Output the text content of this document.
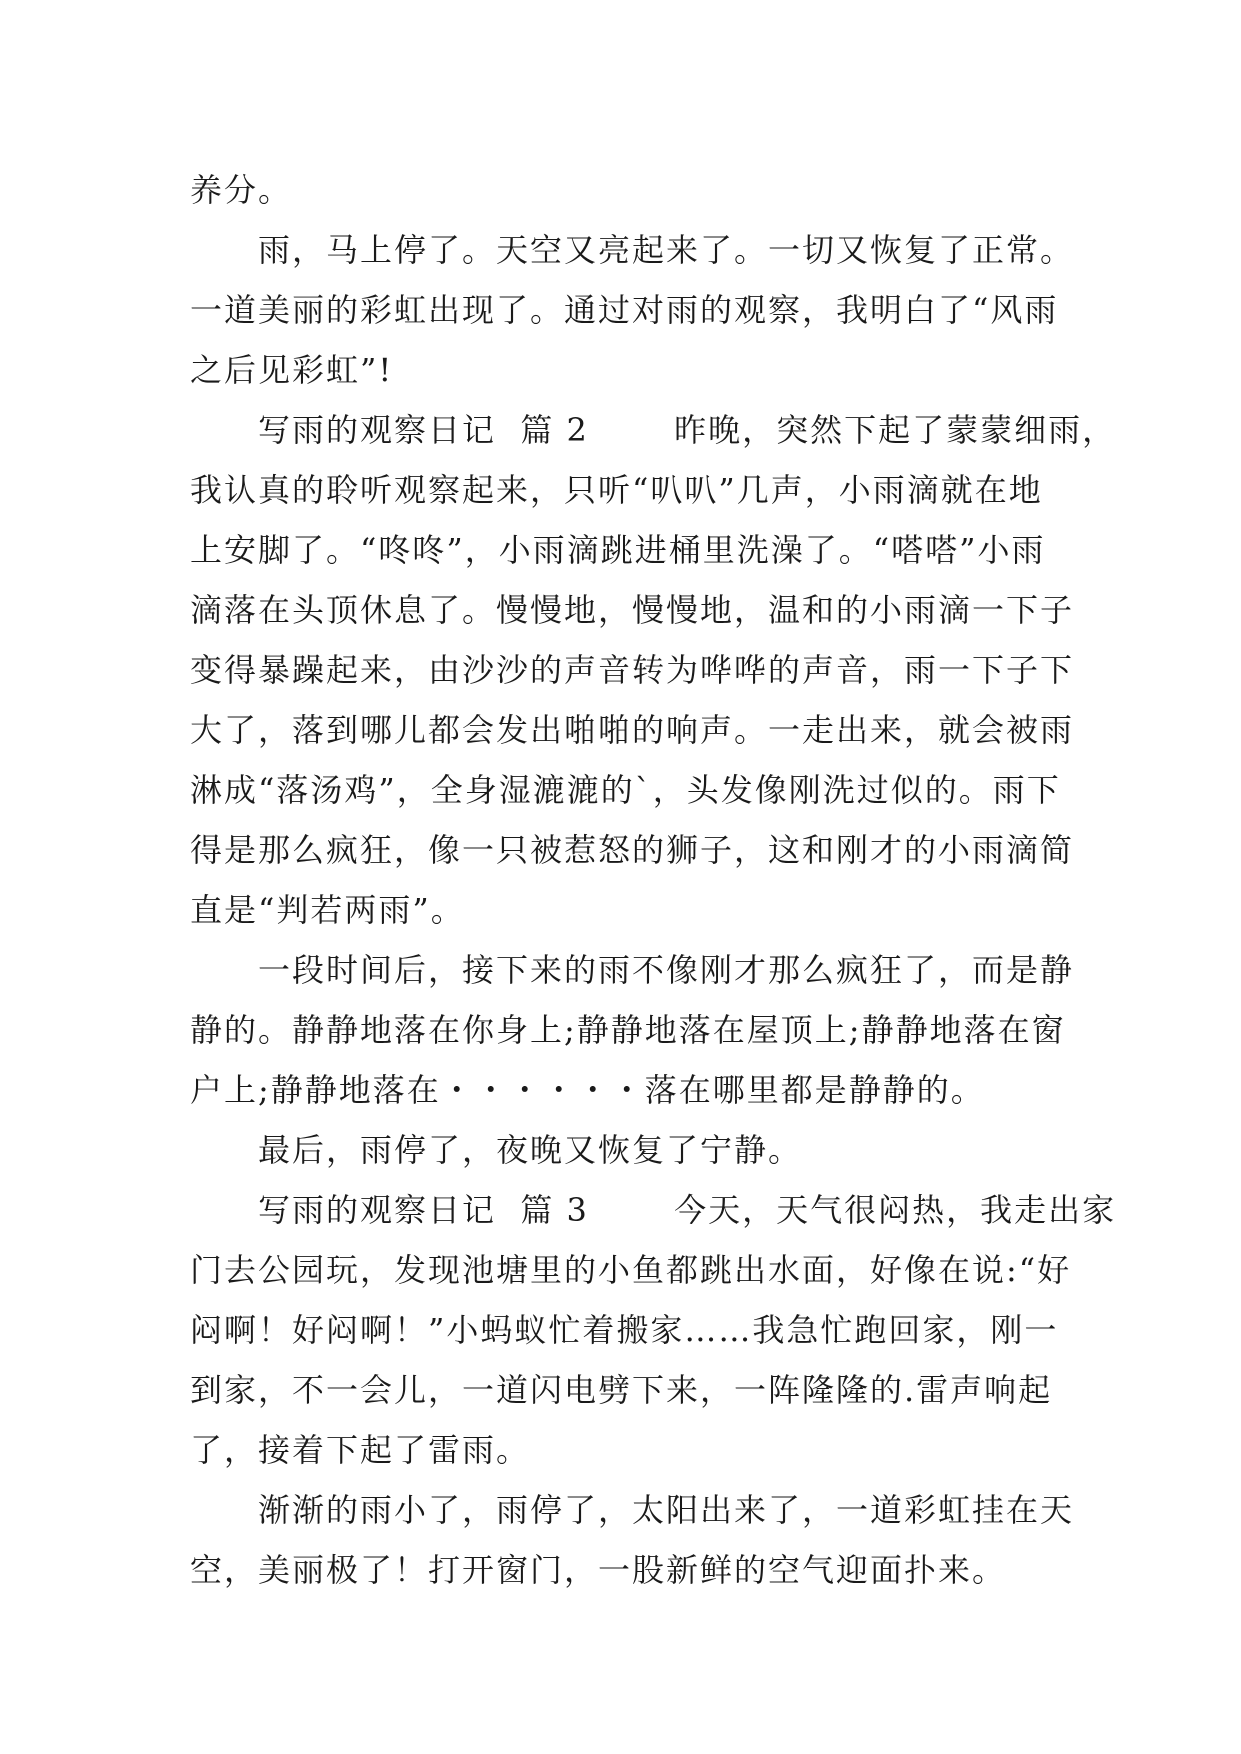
养分。
雨，马上停了。天空又亮起来了。一切又恢复了正常。
一道美丽的彩虹出现了。通过对雨的观察，我明白了“风雨
之后见彩虹”!
写雨的观察日记  篇 2       昨晚，突然下起了蒙蒙细雨，
我认真的聆听观察起来，只听“叭叭”几声，小雨滴就在地
上安脚了。“咚咚”，小雨滴跳进桶里洗澡了。“嗒嗒”小雨
滴落在头顶休息了。慢慢地，慢慢地，温和的小雨滴一下子
变得暴躁起来，由沙沙的声音转为哗哗的声音，雨一下子下
大了，落到哪儿都会发出啪啪的响声。一走出来，就会被雨
淋成“落汤鸡”，全身湿漉漉的`，头发像刚洗过似的。雨下
得是那么疯狂，像一只被惹怒的狮子，这和刚才的小雨滴简
直是“判若两雨”。
一段时间后，接下来的雨不像刚才那么疯狂了，而是静
静的。静静地落在你身上;静静地落在屋顶上;静静地落在窗
户上;静静地落在・・・・・・落在哪里都是静静的。
最后，雨停了，夜晚又恢复了宁静。
写雨的观察日记  篇 3       今天，天气很闷热，我走出家
门去公园玩，发现池塘里的小鱼都跳出水面，好像在说:“好
闷啊！好闷啊！”小蚂蚁忙着搬家……我急忙跑回家，刚一
到家，不一会儿，一道闪电劈下来，一阵隆隆的.雷声响起
了，接着下起了雷雨。
渐渐的雨小了，雨停了，太阳出来了，一道彩虹挂在天
空，美丽极了！打开窗门，一股新鲜的空气迎面扑来。
